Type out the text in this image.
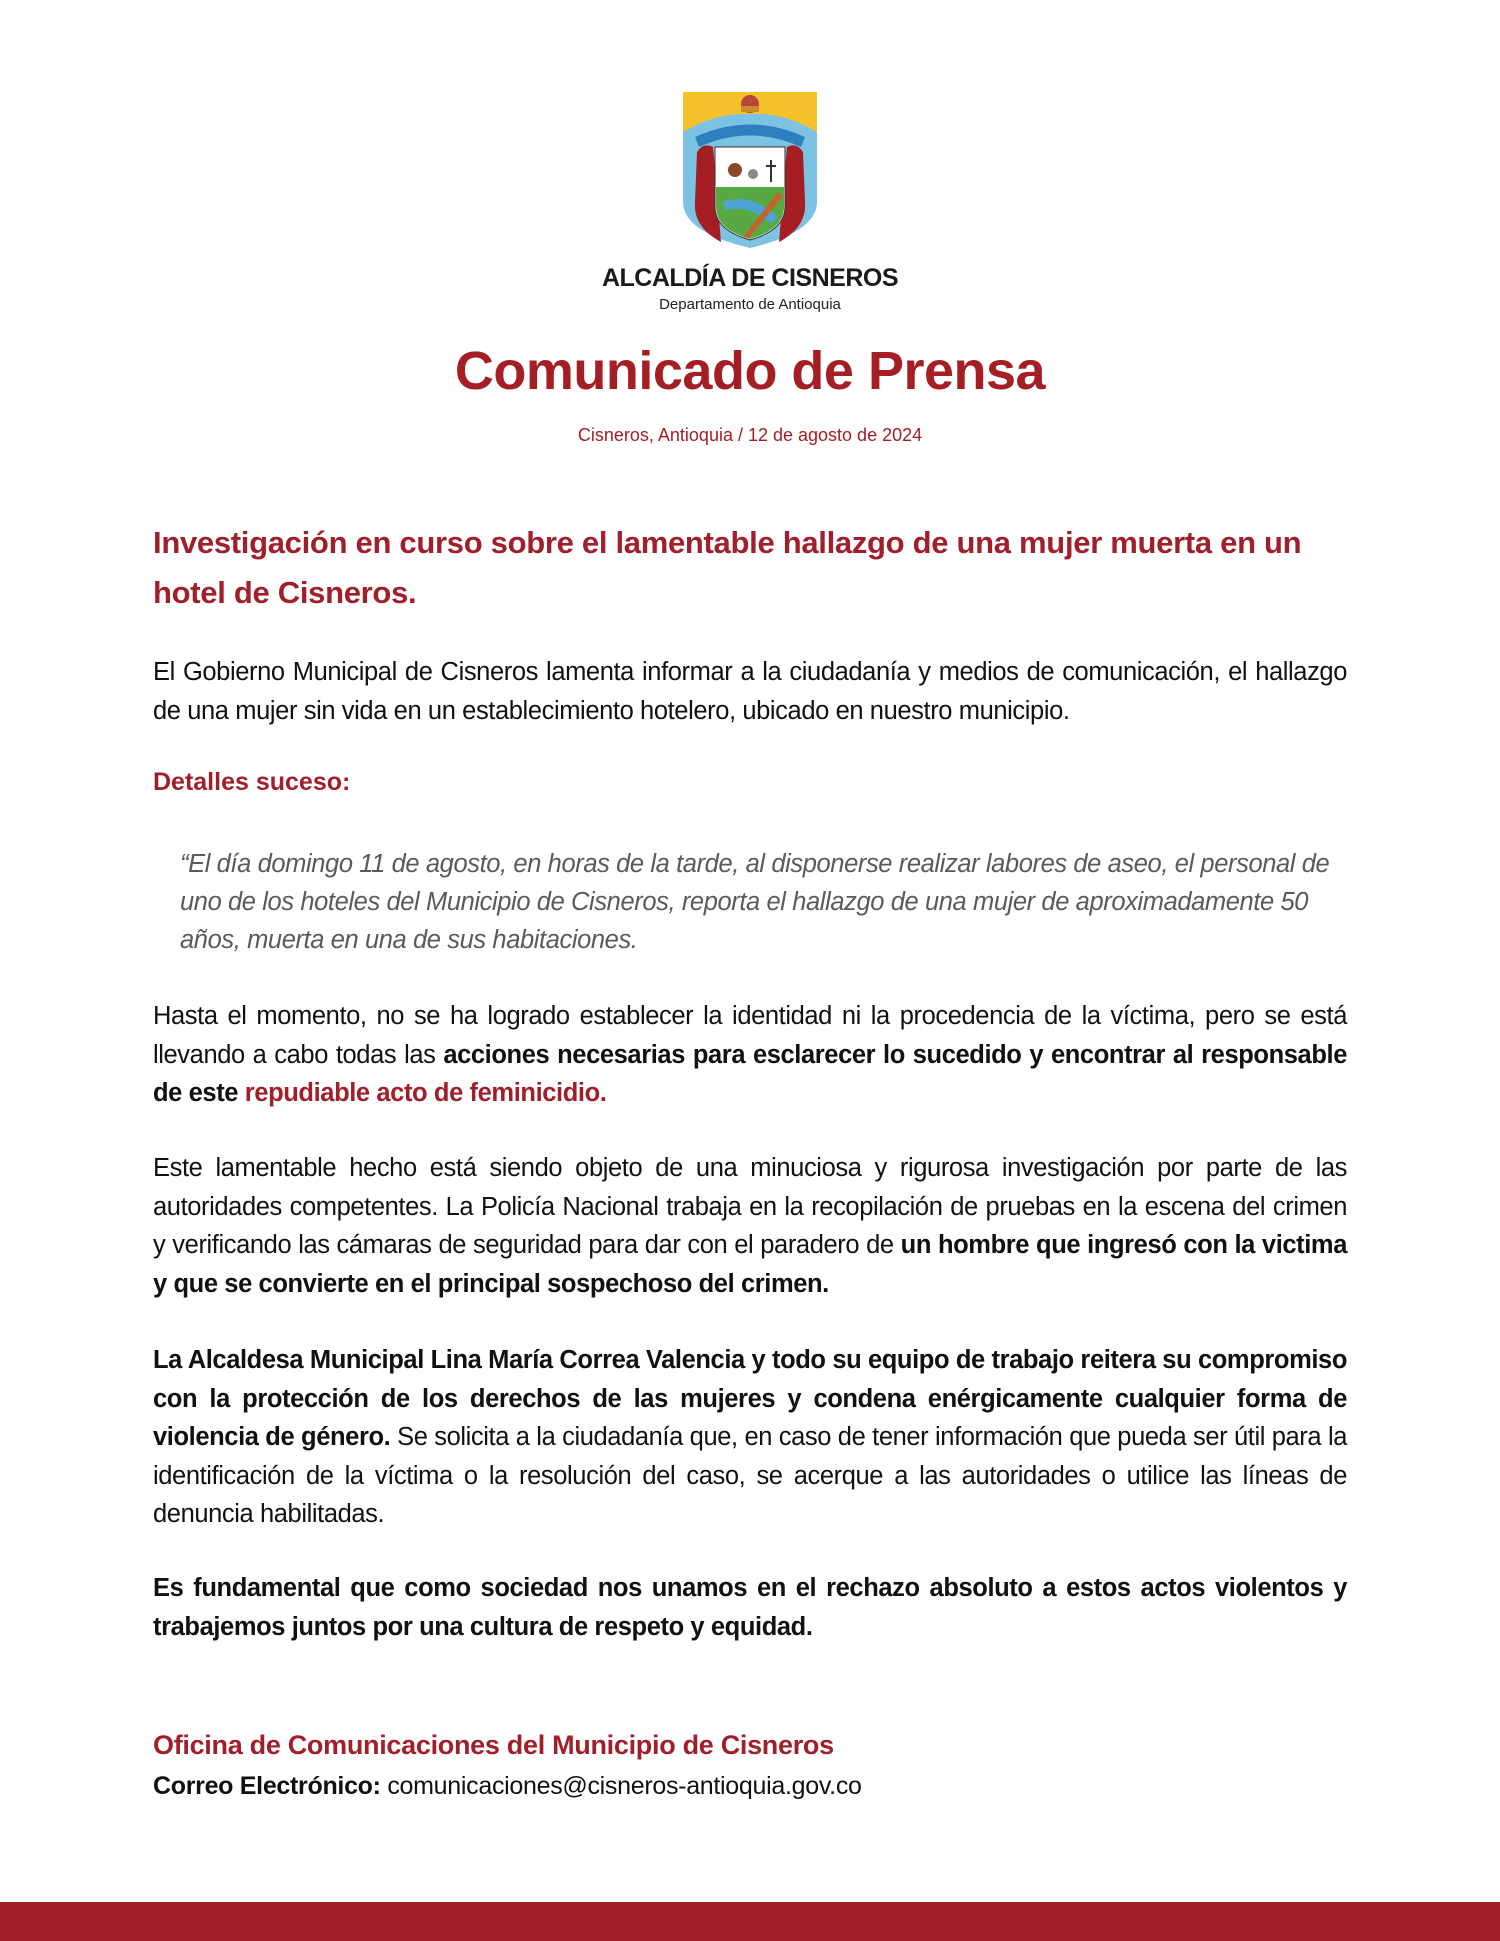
ALCALDÍA DE CISNEROS
Departamento de Antioquia
Comunicado de Prensa
Cisneros, Antioquia / 12 de agosto de 2024
Investigación en curso sobre el lamentable hallazgo de una mujer muerta en un hotel de Cisneros.
El Gobierno Municipal de Cisneros lamenta informar a la ciudadanía y medios de comunicación, el hallazgo de una mujer sin vida en un establecimiento hotelero, ubicado en nuestro municipio.
Detalles suceso:
“El día domingo 11 de agosto, en horas de la tarde, al disponerse realizar labores de aseo, el personal de uno de los hoteles del Municipio de Cisneros, reporta el hallazgo de una mujer de aproximadamente 50 años, muerta en una de sus habitaciones.
Hasta el momento, no se ha logrado establecer la identidad ni la procedencia de la víctima, pero se está llevando a cabo todas las acciones necesarias para esclarecer lo sucedido y encontrar al responsable de este repudiable acto de feminicidio.
Este lamentable hecho está siendo objeto de una minuciosa y rigurosa investigación por parte de las autoridades competentes. La Policía Nacional trabaja en la recopilación de pruebas en la escena del crimen y verificando las cámaras de seguridad para dar con el paradero de un hombre que ingresó con la victima y que se convierte en el principal sospechoso del crimen.
La Alcaldesa Municipal Lina María Correa Valencia y todo su equipo de trabajo reitera su compromiso con la protección de los derechos de las mujeres y condena enérgicamente cualquier forma de violencia de género. Se solicita a la ciudadanía que, en caso de tener información que pueda ser útil para la identificación de la víctima o la resolución del caso, se acerque a las autoridades o utilice las líneas de denuncia habilitadas.
Es fundamental que como sociedad nos unamos en el rechazo absoluto a estos actos violentos y trabajemos juntos por una cultura de respeto y equidad.
Oficina de Comunicaciones del Municipio de Cisneros
Correo Electrónico: comunicaciones@cisneros-antioquia.gov.co
